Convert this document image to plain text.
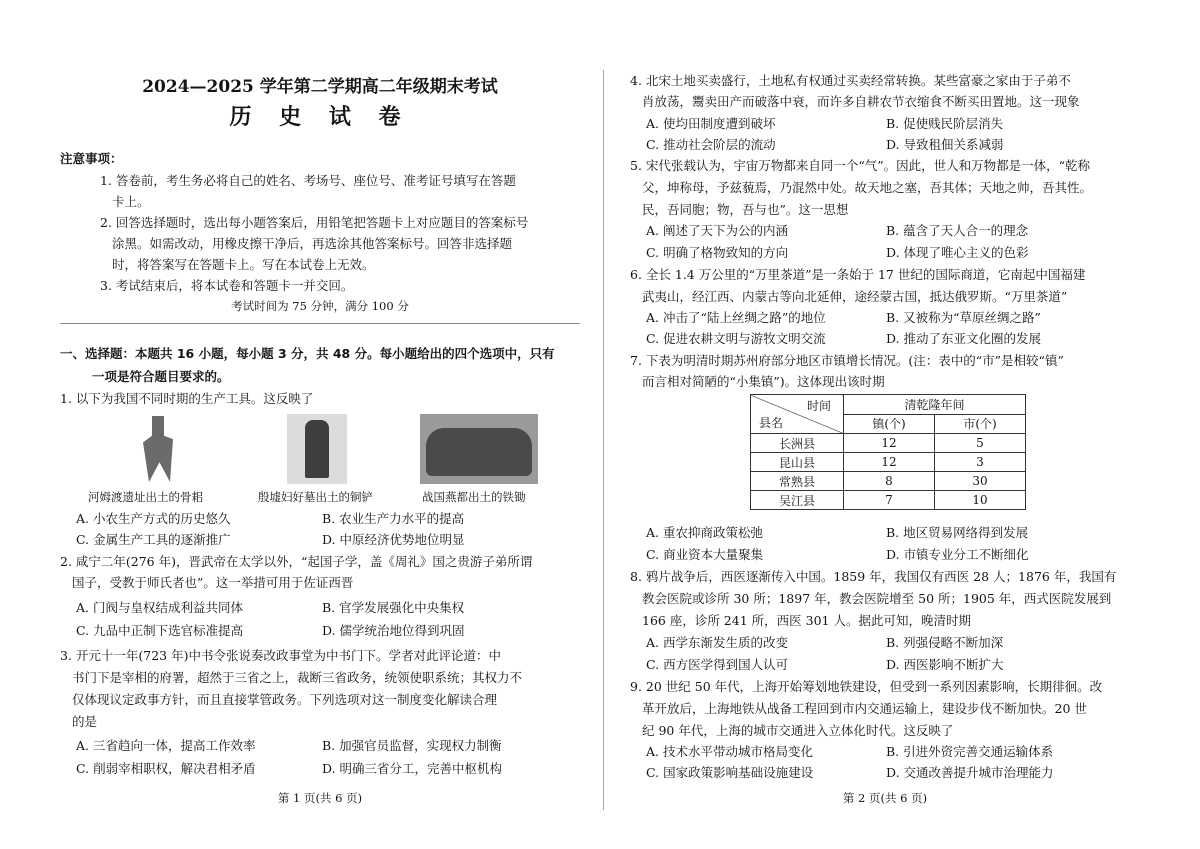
2024—2025 学年第二学期高二年级期末考试
历 史 试 卷
注意事项：
1. 答卷前，考生务必将自己的姓名、考场号、座位号、准考证号填写在答题
卡上。
2. 回答选择题时，选出每小题答案后，用铅笔把答题卡上对应题目的答案标号
涂黑。如需改动，用橡皮擦干净后，再选涂其他答案标号。回答非选择题
时，将答案写在答题卡上。写在本试卷上无效。
3. 考试结束后，将本试卷和答题卡一并交回。
考试时间为 75 分钟，满分 100 分
一、选择题：本题共 16 小题，每小题 3 分，共 48 分。每小题给出的四个选项中，只有
一项是符合题目要求的。
1. 以下为我国不同时期的生产工具。这反映了
河姆渡遗址出土的骨耜	殷墟妇好墓出土的铜铲	战国燕都出土的铁锄
A. 小农生产方式的历史悠久	B. 农业生产力水平的提高
C. 金属生产工具的逐渐推广	D. 中原经济优势地位明显
2. 咸宁二年(276 年)，晋武帝在太学以外，“起国子学，盖《周礼》国之贵游子弟所谓
国子，受教于师氏者也”。这一举措可用于佐证西晋
A. 门阀与皇权结成利益共同体	B. 官学发展强化中央集权
C. 九品中正制下选官标准提高	D. 儒学统治地位得到巩固
3. 开元十一年(723 年)中书令张说奏改政事堂为中书门下。学者对此评论道：中
书门下是宰相的府署，超然于三省之上，裁断三省政务，统领使职系统；其权力不
仅体现议定政事方针，而且直接掌管政务。下列选项对这一制度变化解读合理
的是
A. 三省趋向一体，提高工作效率	B. 加强官员监督，实现权力制衡
C. 削弱宰相职权，解决君相矛盾	D. 明确三省分工，完善中枢机构
第 1 页(共 6 页)
4. 北宋土地买卖盛行，土地私有权通过买卖经常转换。某些富豪之家由于子弟不
肖放荡，鬻卖田产而破落中衰，而许多自耕农节衣缩食不断买田置地。这一现象
A. 使均田制度遭到破坏	B. 促使贱民阶层消失
C. 推动社会阶层的流动	D. 导致租佃关系减弱
5. 宋代张载认为，宇宙万物都来自同一个“气”。因此，世人和万物都是一体，“乾称
父，坤称母，予兹藐焉，乃混然中处。故天地之塞，吾其体；天地之帅，吾其性。
民，吾同胞；物，吾与也”。这一思想
A. 阐述了天下为公的内涵	B. 蕴含了天人合一的理念
C. 明确了格物致知的方向	D. 体现了唯心主义的色彩
6. 全长 1.4 万公里的“万里茶道”是一条始于 17 世纪的国际商道，它南起中国福建
武夷山，经江西、内蒙古等向北延伸，途经蒙古国，抵达俄罗斯。“万里茶道”
A. 冲击了“陆上丝绸之路”的地位	B. 又被称为“草原丝绸之路”
C. 促进农耕文明与游牧文明交流	D. 推动了东亚文化圈的发展
7. 下表为明清时期苏州府部分地区市镇增长情况。(注：表中的“市”是相较“镇”
而言相对简陋的“小集镇”)。这体现出该时期
时间
县名	清乾隆年间	
	镇(个)	市(个)
长洲县	12	5
昆山县	12	3
常熟县	8	30
吴江县	7	10
A. 重农抑商政策松弛	B. 地区贸易网络得到发展
C. 商业资本大量聚集	D. 市镇专业分工不断细化
8. 鸦片战争后，西医逐渐传入中国。1859 年，我国仅有西医 28 人；1876 年，我国有
教会医院或诊所 30 所；1897 年，教会医院增至 50 所；1905 年，西式医院发展到
166 座，诊所 241 所，西医 301 人。据此可知，晚清时期
A. 西学东渐发生质的改变	B. 列强侵略不断加深
C. 西方医学得到国人认可	D. 西医影响不断扩大
9. 20 世纪 50 年代，上海开始筹划地铁建设，但受到一系列因素影响，长期徘徊。改
革开放后，上海地铁从战备工程回到市内交通运输上，建设步伐不断加快。20 世
纪 90 年代，上海的城市交通进入立体化时代。这反映了
A. 技术水平带动城市格局变化	B. 引进外资完善交通运输体系
C. 国家政策影响基础设施建设	D. 交通改善提升城市治理能力
第 2 页(共 6 页)
